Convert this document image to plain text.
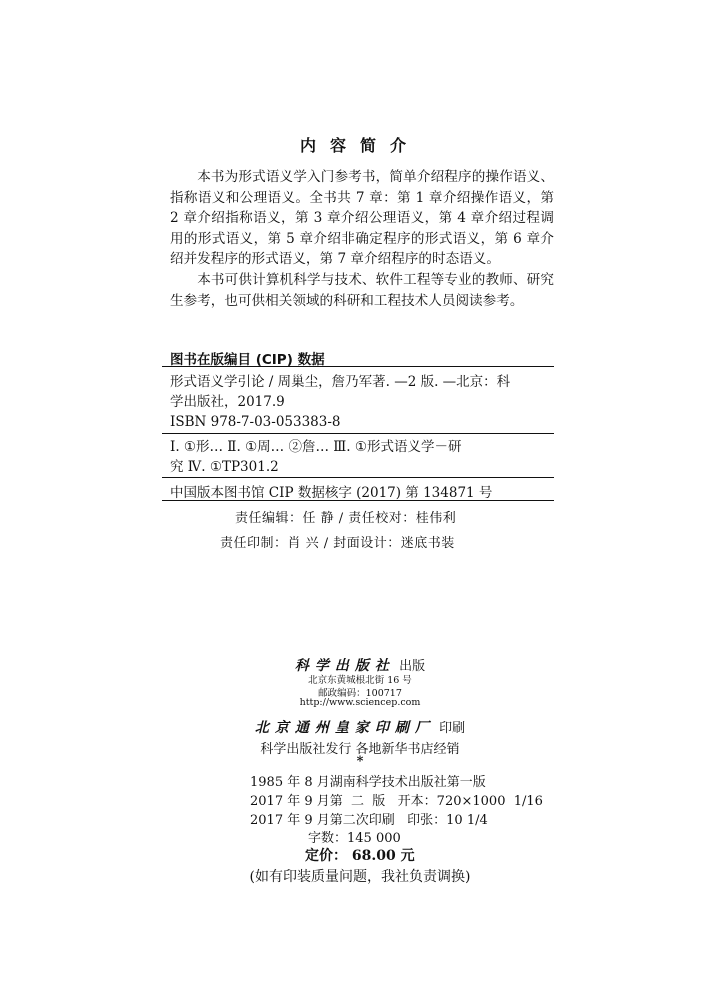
内容简介

本书为形式语义学入门参考书，简单介绍程序的操作语义、指称语义和公理语义。全书共 7 章：第 1 章介绍操作语义，第 2 章介绍指称语义，第 3 章介绍公理语义，第 4 章介绍过程调用的形式语义，第 5 章介绍非确定程序的形式语义，第 6 章介绍并发程序的形式语义，第 7 章介绍程序的时态语义。

本书可供计算机科学与技术、软件工程等专业的教师、研究生参考，也可供相关领域的科研和工程技术人员阅读参考。

图书在版编目 (CIP) 数据
形式语义学引论 / 周巢尘，詹乃军著. —2 版. —北京：科
学出版社，2017.9
ISBN 978-7-03-053383-8
Ⅰ. ①形… Ⅱ. ①周… ②詹… Ⅲ. ①形式语义学－研
究 Ⅳ. ①TP301.2
中国版本图书馆 CIP 数据核字 (2017) 第 134871 号
责任编辑：任 静 / 责任校对：桂伟利
责任印制：肖 兴 / 封面设计：迷底书装
科学出版社 出版
北京东黄城根北街 16 号
邮政编码：100717
http://www.sciencep.com
北京通州皇家印刷厂 印刷
科学出版社发行 各地新华书店经销
*
1985 年 8 月湖南科学技术出版社第一版
2017 年 9 月第  二  版   开本：720×1000  1/16
2017 年 9 月第二次印刷   印张：10 1/4
字数：145 000
定价： 68.00 元
(如有印装质量问题，我社负责调换)
